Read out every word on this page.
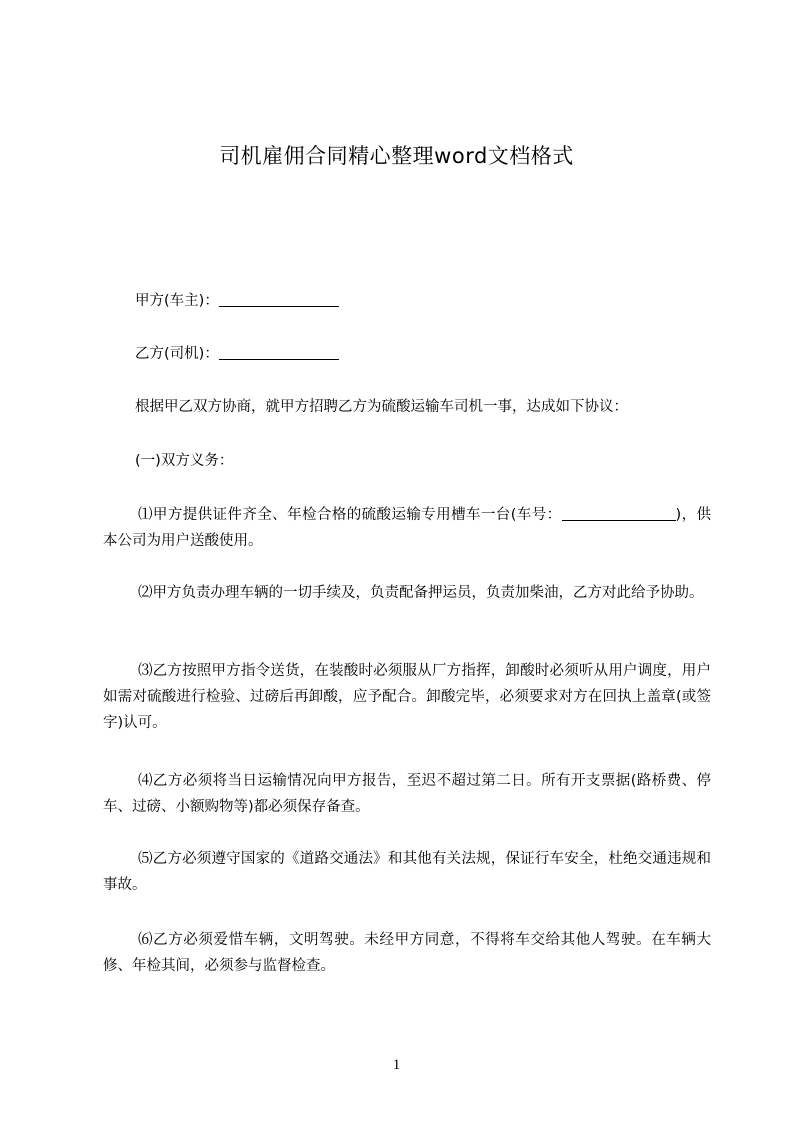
司机雇佣合同精心整理word文档格式
甲方(车主)：
乙方(司机)：
根据甲乙双方协商，就甲方招聘乙方为硫酸运输车司机一事，达成如下协议：
(一)双方义务：
⑴甲方提供证件齐全、年检合格的硫酸运输专用槽车一台(车号：	)，供本公司为用户送酸使用。
⑵甲方负责办理车辆的一切手续及，负责配备押运员，负责加柴油，乙方对此给予协助。
⑶乙方按照甲方指令送货，在装酸时必须服从厂方指挥，卸酸时必须听从用户调度，用户如需对硫酸进行检验、过磅后再卸酸，应予配合。卸酸完毕，必须要求对方在回执上盖章(或签字)认可。
⑷乙方必须将当日运输情况向甲方报告，至迟不超过第二日。所有开支票据(路桥费、停车、过磅、小额购物等)都必须保存备查。
⑸乙方必须遵守国家的《道路交通法》和其他有关法规，保证行车安全，杜绝交通违规和事故。
⑹乙方必须爱惜车辆，文明驾驶。未经甲方同意，不得将车交给其他人驾驶。在车辆大修、年检其间，必须参与监督检查。
1
